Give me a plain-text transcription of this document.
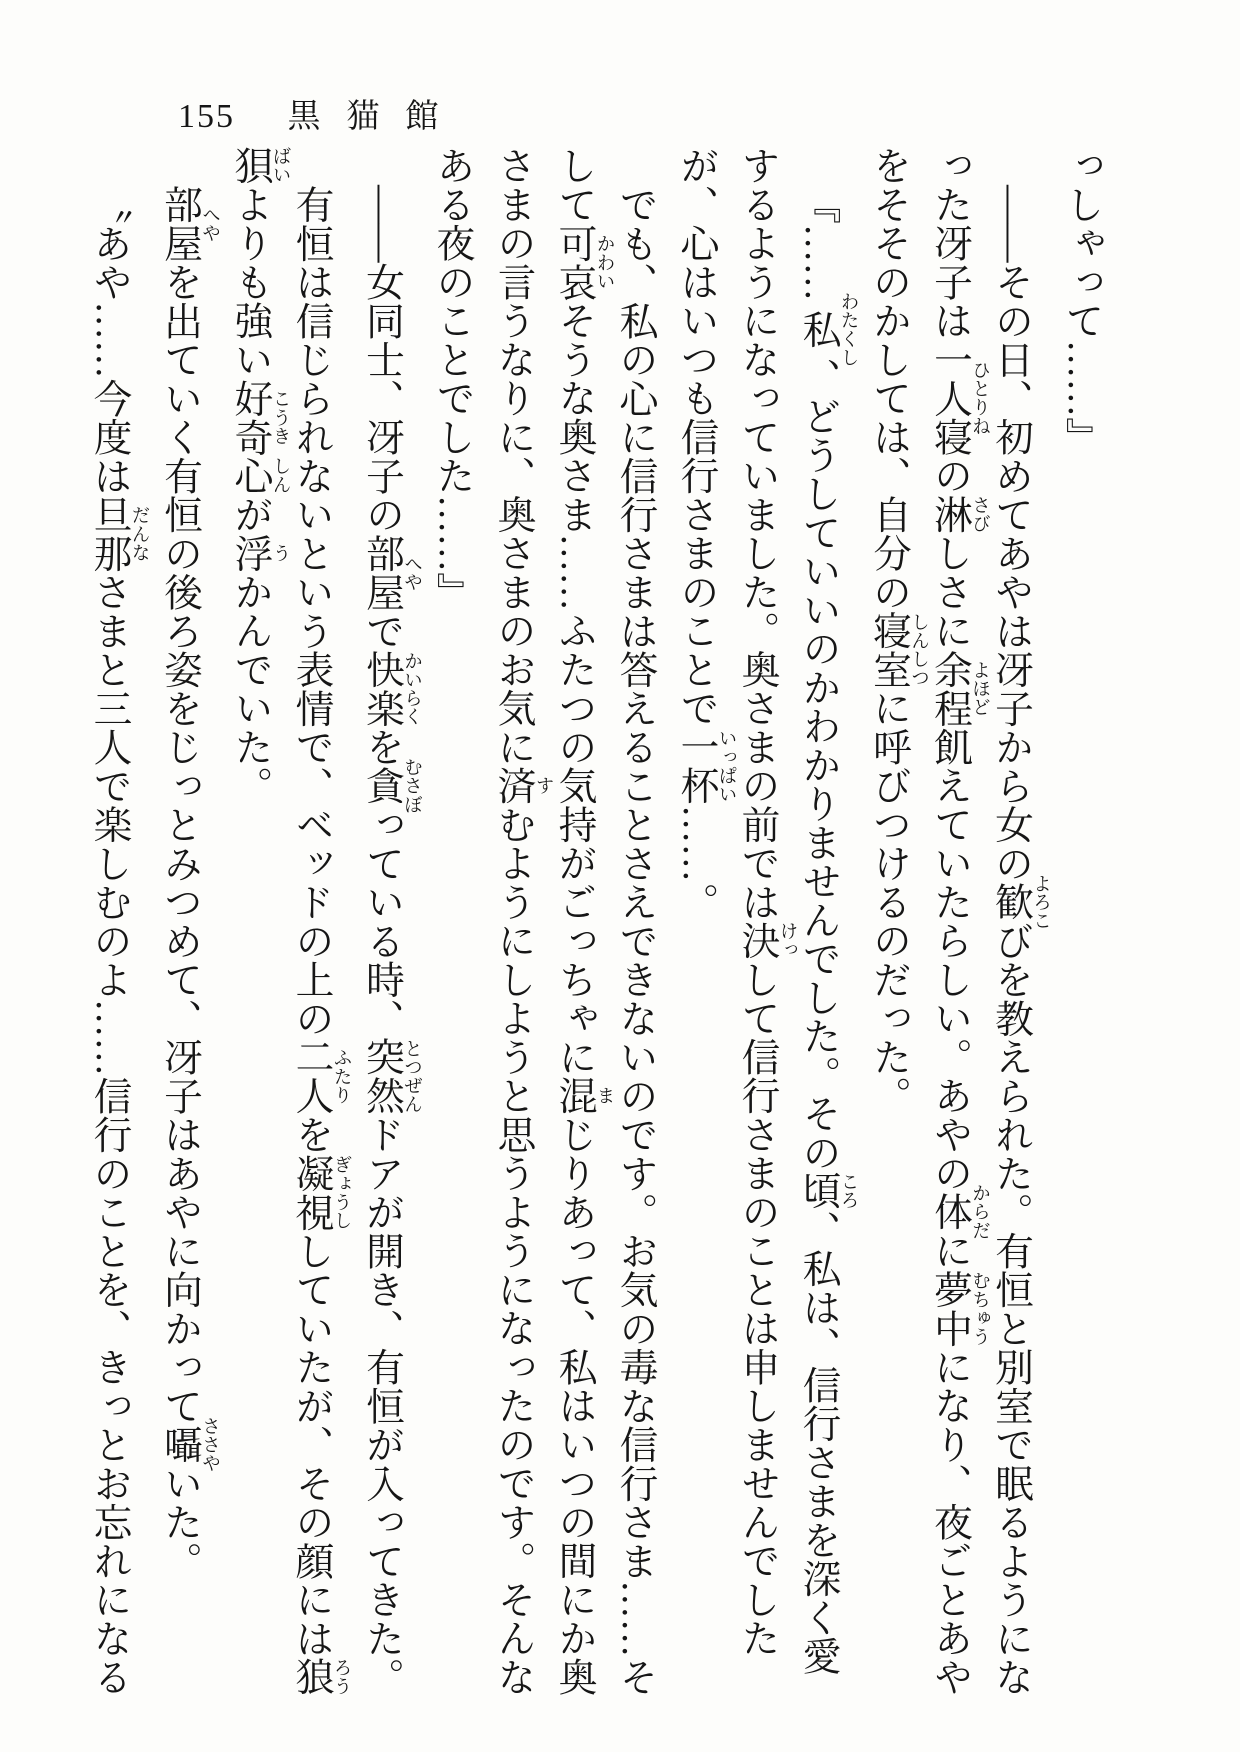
155 黒猫館

っしゃって……』

――その日、初めてあやは冴子から女の歓よろこびを教えられた。有恒と別室で眠るようになった冴子は一人寝ひとりねの淋さびしさに余程よほど飢えていたらしい。あやの体からだに夢中むちゅうになり、夜ごとあやをそそのかしては、自分の寝室しんしつに呼びつけるのだった。

『……私わたくし、どうしていいのかわかりませんでした。その頃ころ、私は、信行さまを深く愛するようになっていました。奥さまの前では決けっして信行さまのことは申しませんでしたが、心はいつも信行さまのことで一杯いっぱい……。

でも、私の心に信行さまは答えることさえできないのです。お気の毒な信行さま……そして可哀かわいそうな奥さま……ふたつの気持がごっちゃに混まじりあって、私はいつの間にか奥さまの言うなりに、奥さまのお気に済すむようにしようと思うようになったのです。そんなある夜のことでした……』

――女同士、冴子の部屋へやで快楽かいらくを貪むさぼっている時、突然とつぜんドアが開き、有恒が入ってきた。

有恒は信じられないという表情で、ベッドの上の二人ふたりを凝視ぎょうししていたが、その顔には狼ろう狽ばいよりも強い好奇こうき心しんが浮うかんでいた。

部屋へやを出ていく有恒の後ろ姿をじっとみつめて、冴子はあやに向かって囁ささやいた。

〝あや……今度は旦那だんなさまと三人で楽しむのよ……信行のことを、きっとお忘れになる
